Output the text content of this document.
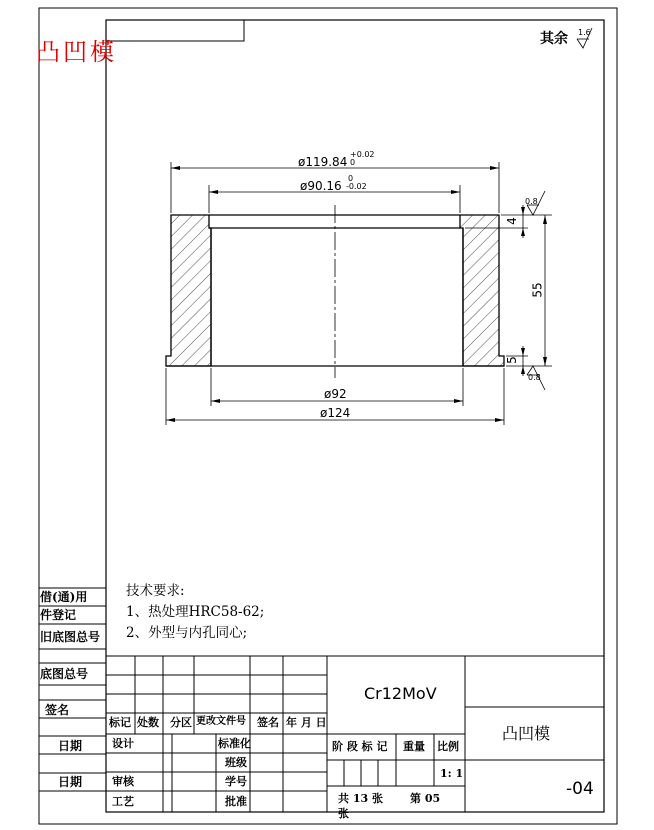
凸凹模	其余 1.6
ø119.84
+0.02
0
ø90.16
0
-0.02
ø92
ø124
4
55
5
0.8
0.8
技术要求:
1、热处理HRC58-62;
2、外型与内孔同心;
借(通)用
件登记
旧底图总号
底图总号
签名
日期
日期
标记 处数 分区 更改文件号 签名 年 月 日
设计
审核
工艺
标准化
班级
学号
批准
Cr12MoV
阶 段 标 记 重量 比例
1: 1
共 13 张 第 05
张
凸凹模
-04
